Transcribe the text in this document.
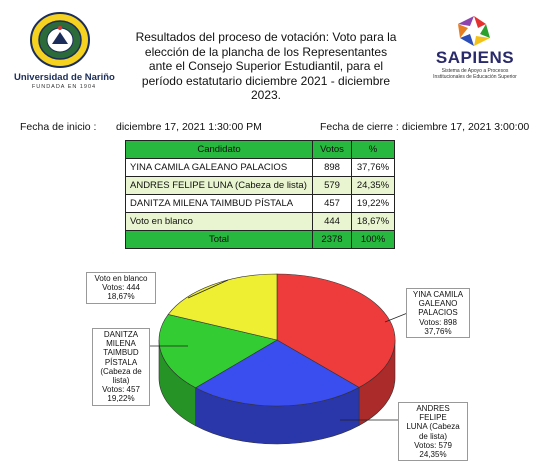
Universidad de Nariño
FUNDADA EN 1904
Resultados del proceso de votación: Voto para la elección de la plancha de los Representantes ante el Consejo Superior Estudiantil, para el período estatutario diciembre 2021 - diciembre 2023.
SAPIENS
Sistema de Apoyo a Procesos Institucionales de Educación Superior
Fecha de inicio : diciembre 17, 2021 1:30:00 PM	Fecha de cierre : diciembre 17, 2021 3:00:00
Candidato	Votos	%
YINA CAMILA GALEANO PALACIOS	898	37,76%
ANDRES FELIPE LUNA (Cabeza de lista)	579	24,35%
DANITZA MILENA TAIMBUD PÍSTALA	457	19,22%
Voto en blanco	444	18,67%
Total	2378	100%
Voto en blanco
Votos: 444
18,67%
DANITZA
MILENA
TAIMBUD
PÍSTALA
(Cabeza de
lista)
Votos: 457
19,22%
YINA CAMILA
GALEANO
PALACIOS
Votos: 898
37,76%
ANDRES FELIPE
LUNA (Cabeza
de lista)
Votos: 579
24,35%
